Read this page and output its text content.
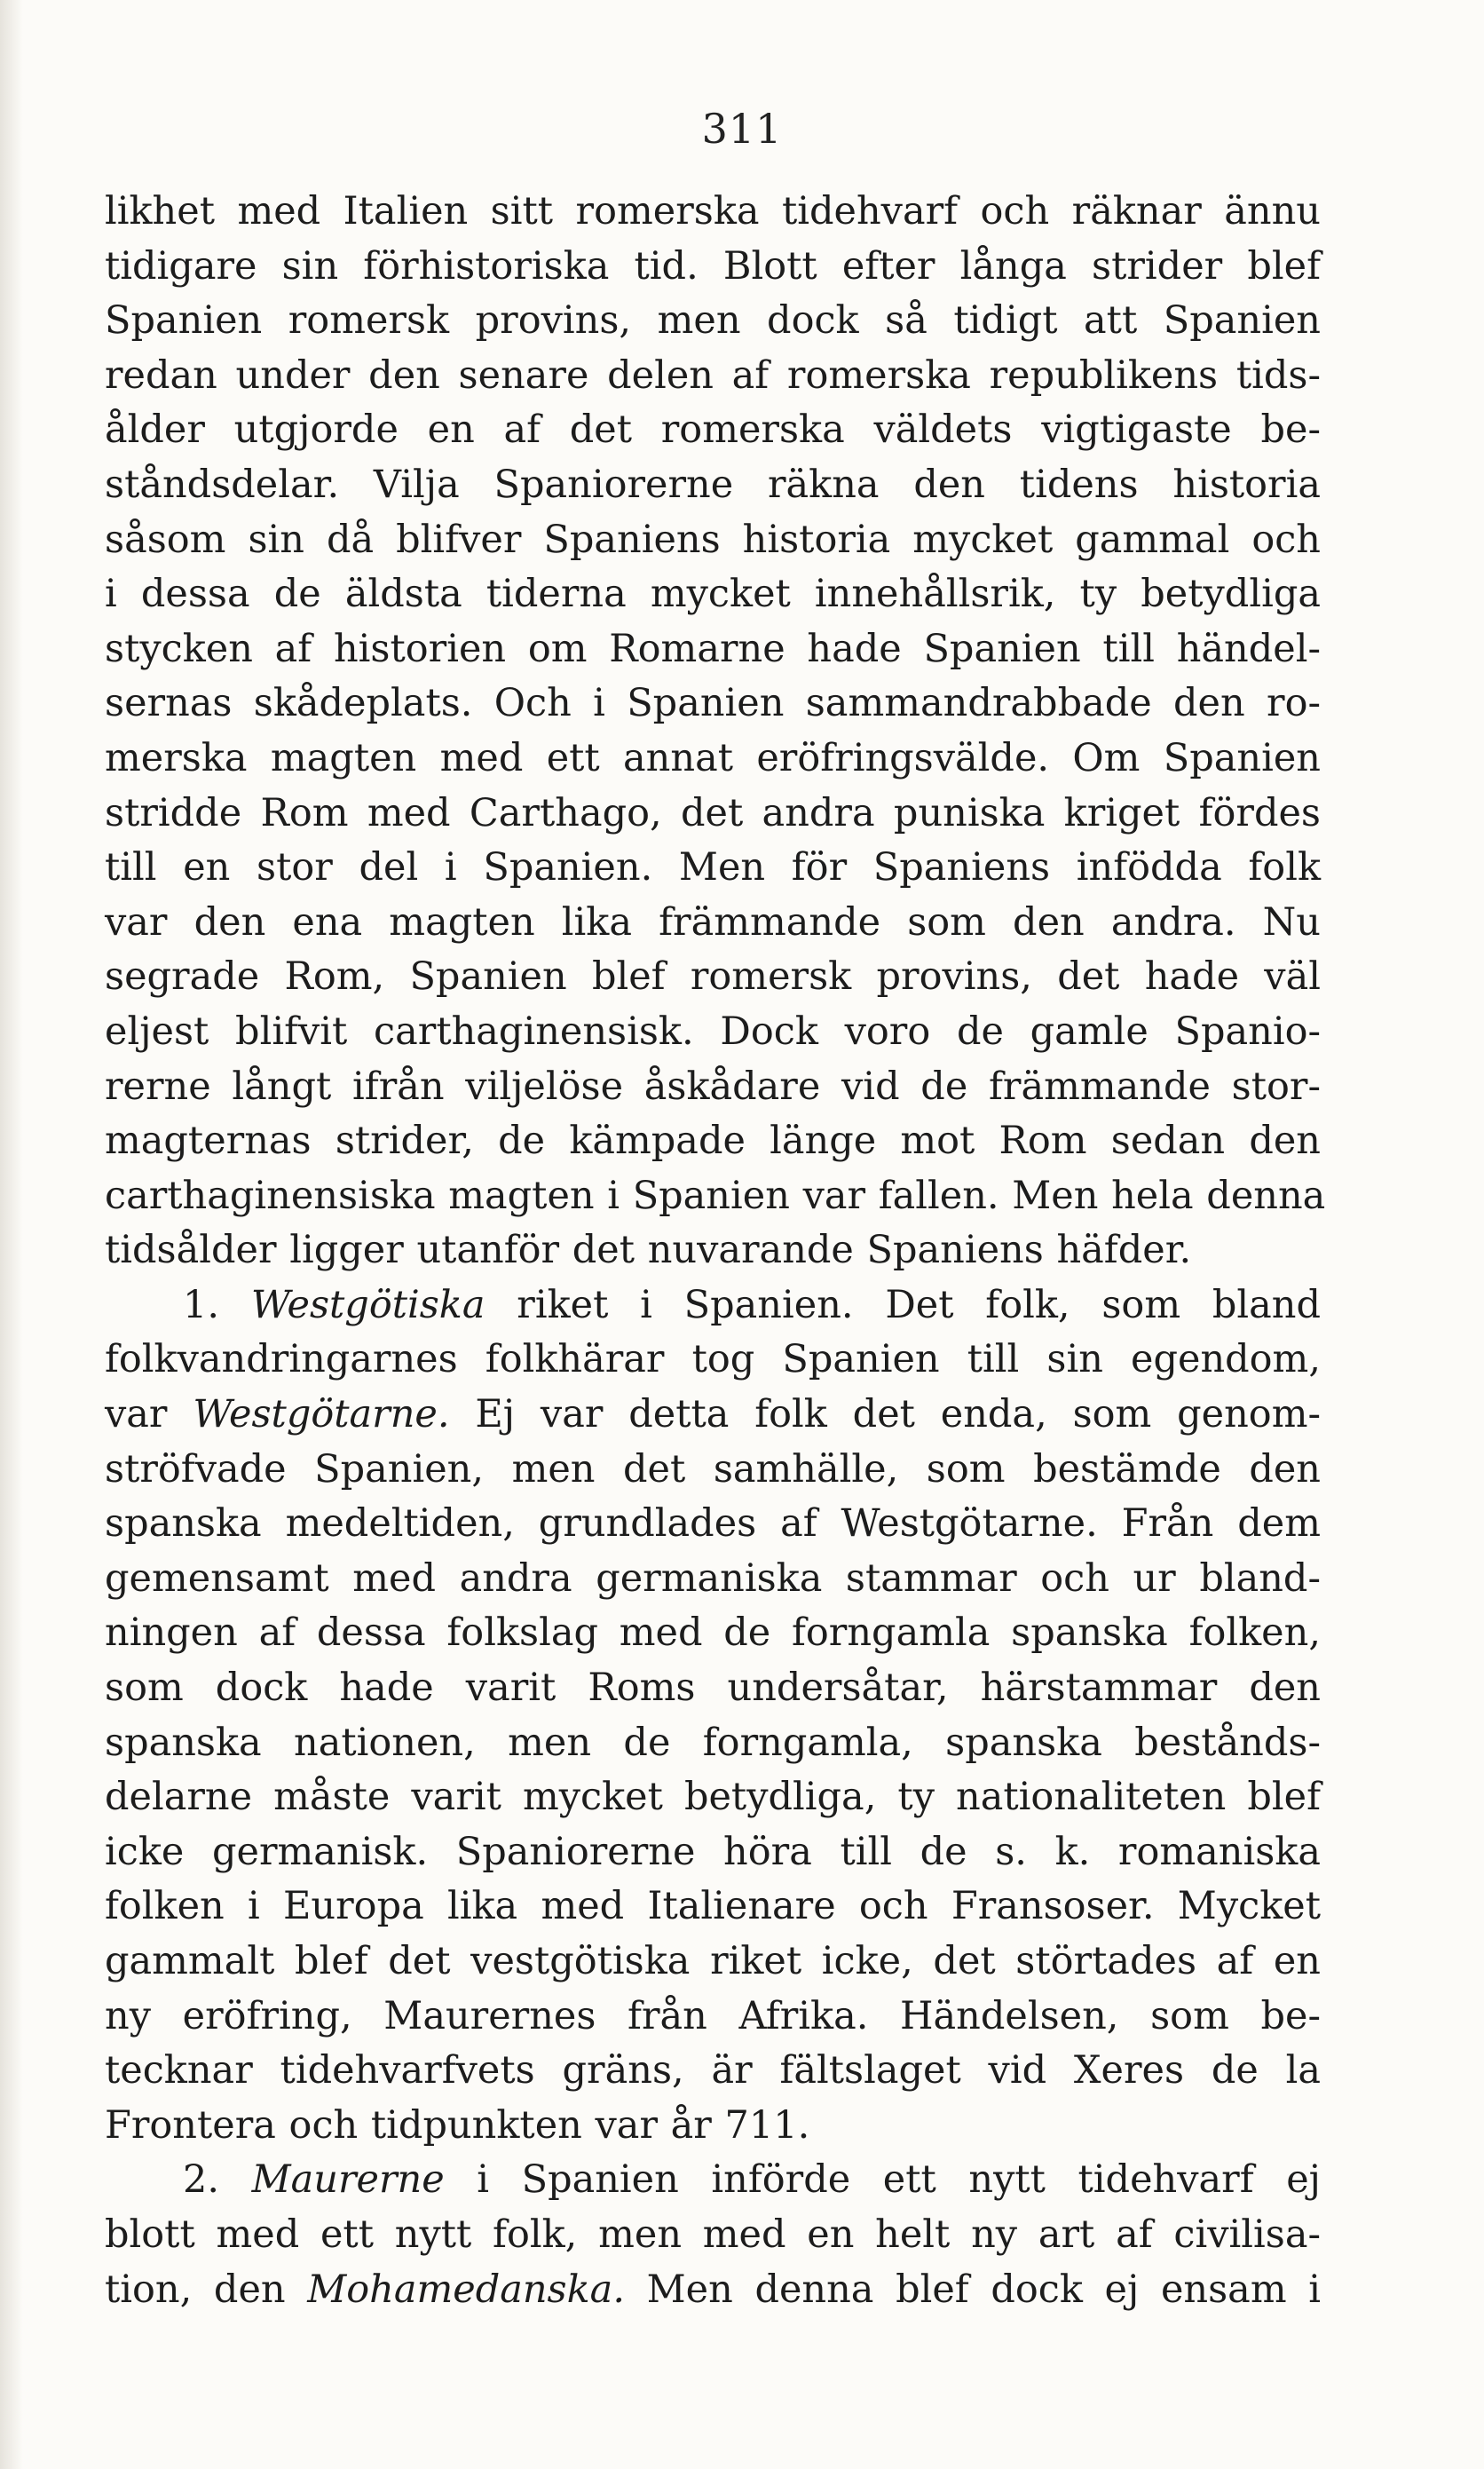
311
likhet med Italien sitt romerska tidehvarf och räknar ännu
tidigare sin förhistoriska tid. Blott efter långa strider blef
Spanien romersk provins, men dock så tidigt att Spanien
redan under den senare delen af romerska republikens tids-
ålder utgjorde en af det romerska väldets vigtigaste be-
ståndsdelar. Vilja Spaniorerne räkna den tidens historia
såsom sin då blifver Spaniens historia mycket gammal och
i dessa de äldsta tiderna mycket innehållsrik, ty betydliga
stycken af historien om Romarne hade Spanien till händel-
sernas skådeplats. Och i Spanien sammandrabbade den ro-
merska magten med ett annat eröfringsvälde. Om Spanien
stridde Rom med Carthago, det andra puniska kriget fördes
till en stor del i Spanien. Men för Spaniens infödda folk
var den ena magten lika främmande som den andra. Nu
segrade Rom, Spanien blef romersk provins, det hade väl
eljest blifvit carthaginensisk. Dock voro de gamle Spanio-
rerne långt ifrån viljelöse åskådare vid de främmande stor-
magternas strider, de kämpade länge mot Rom sedan den
carthaginensiska magten i Spanien var fallen. Men hela denna
tidsålder ligger utanför det nuvarande Spaniens häfder.
1. Westgötiska riket i Spanien. Det folk, som bland
folkvandringarnes folkhärar tog Spanien till sin egendom,
var Westgötarne. Ej var detta folk det enda, som genom-
ströfvade Spanien, men det samhälle, som bestämde den
spanska medeltiden, grundlades af Westgötarne. Från dem
gemensamt med andra germaniska stammar och ur bland-
ningen af dessa folkslag med de forngamla spanska folken,
som dock hade varit Roms undersåtar, härstammar den
spanska nationen, men de forngamla, spanska bestånds-
delarne måste varit mycket betydliga, ty nationaliteten blef
icke germanisk. Spaniorerne höra till de s. k. romaniska
folken i Europa lika med Italienare och Fransoser. Mycket
gammalt blef det vestgötiska riket icke, det störtades af en
ny eröfring, Maurernes från Afrika. Händelsen, som be-
tecknar tidehvarfvets gräns, är fältslaget vid Xeres de la
Frontera och tidpunkten var år 711.
2. Maurerne i Spanien införde ett nytt tidehvarf ej
blott med ett nytt folk, men med en helt ny art af civilisa-
tion, den Mohamedanska. Men denna blef dock ej ensam i
